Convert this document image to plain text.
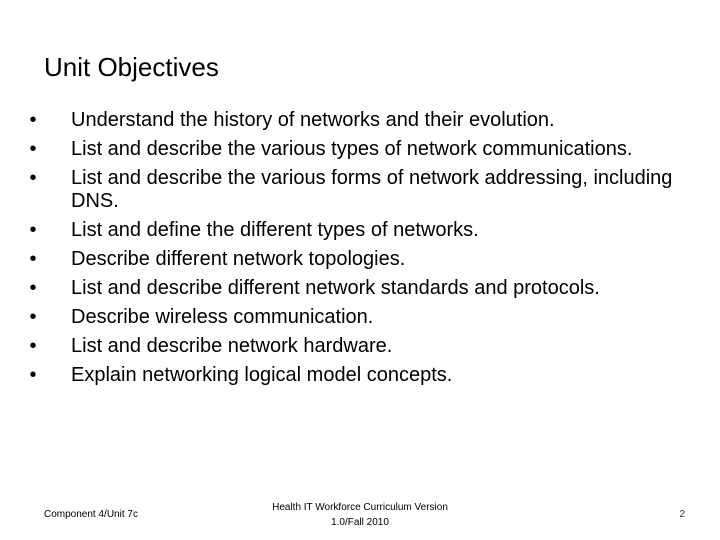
Unit Objectives
• Understand the history of networks and their evolution.
• List and describe the various types of network communications.
• List and describe the various forms of network addressing, including DNS.
• List and define the different types of networks.
• Describe different network topologies.
• List and describe different network standards and protocols.
• Describe wireless communication.
• List and describe network hardware.
• Explain networking logical model concepts.
Component 4/Unit 7c
Health IT Workforce Curriculum Version
1.0/Fall 2010
2
